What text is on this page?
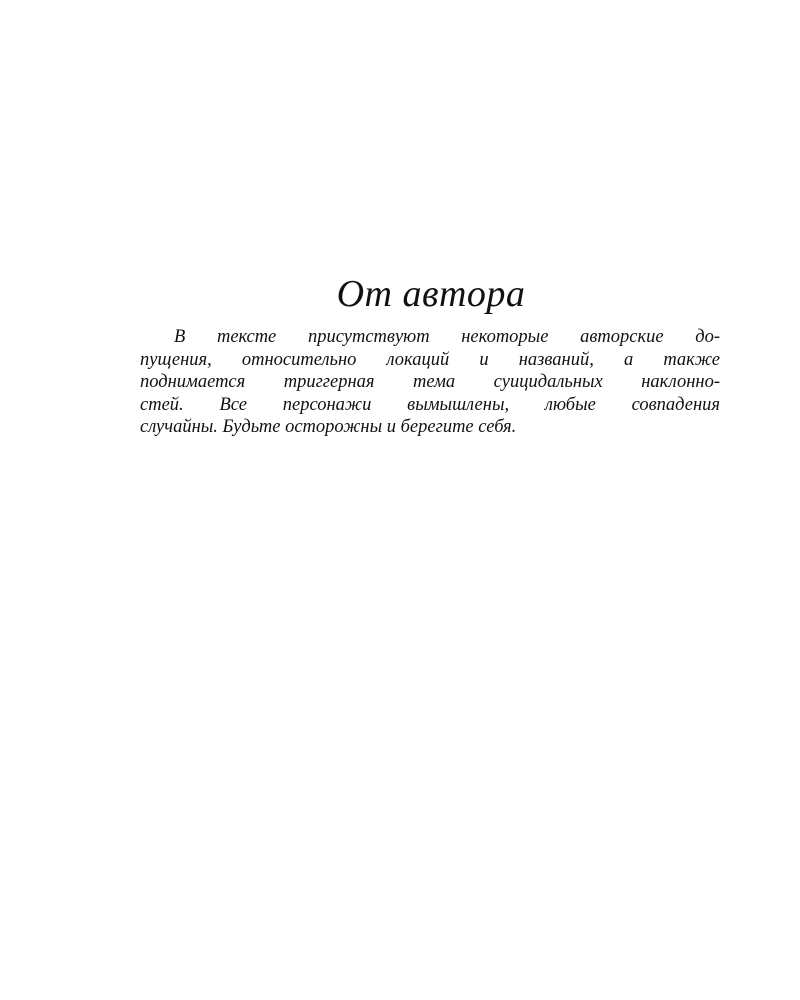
От автора
В тексте присутствуют некоторые авторские до-
пущения, относительно локаций и названий, а также
поднимается триггерная тема суицидальных наклонно-
стей. Все персонажи вымышлены, любые совпадения
случайны. Будьте осторожны и берегите себя.
